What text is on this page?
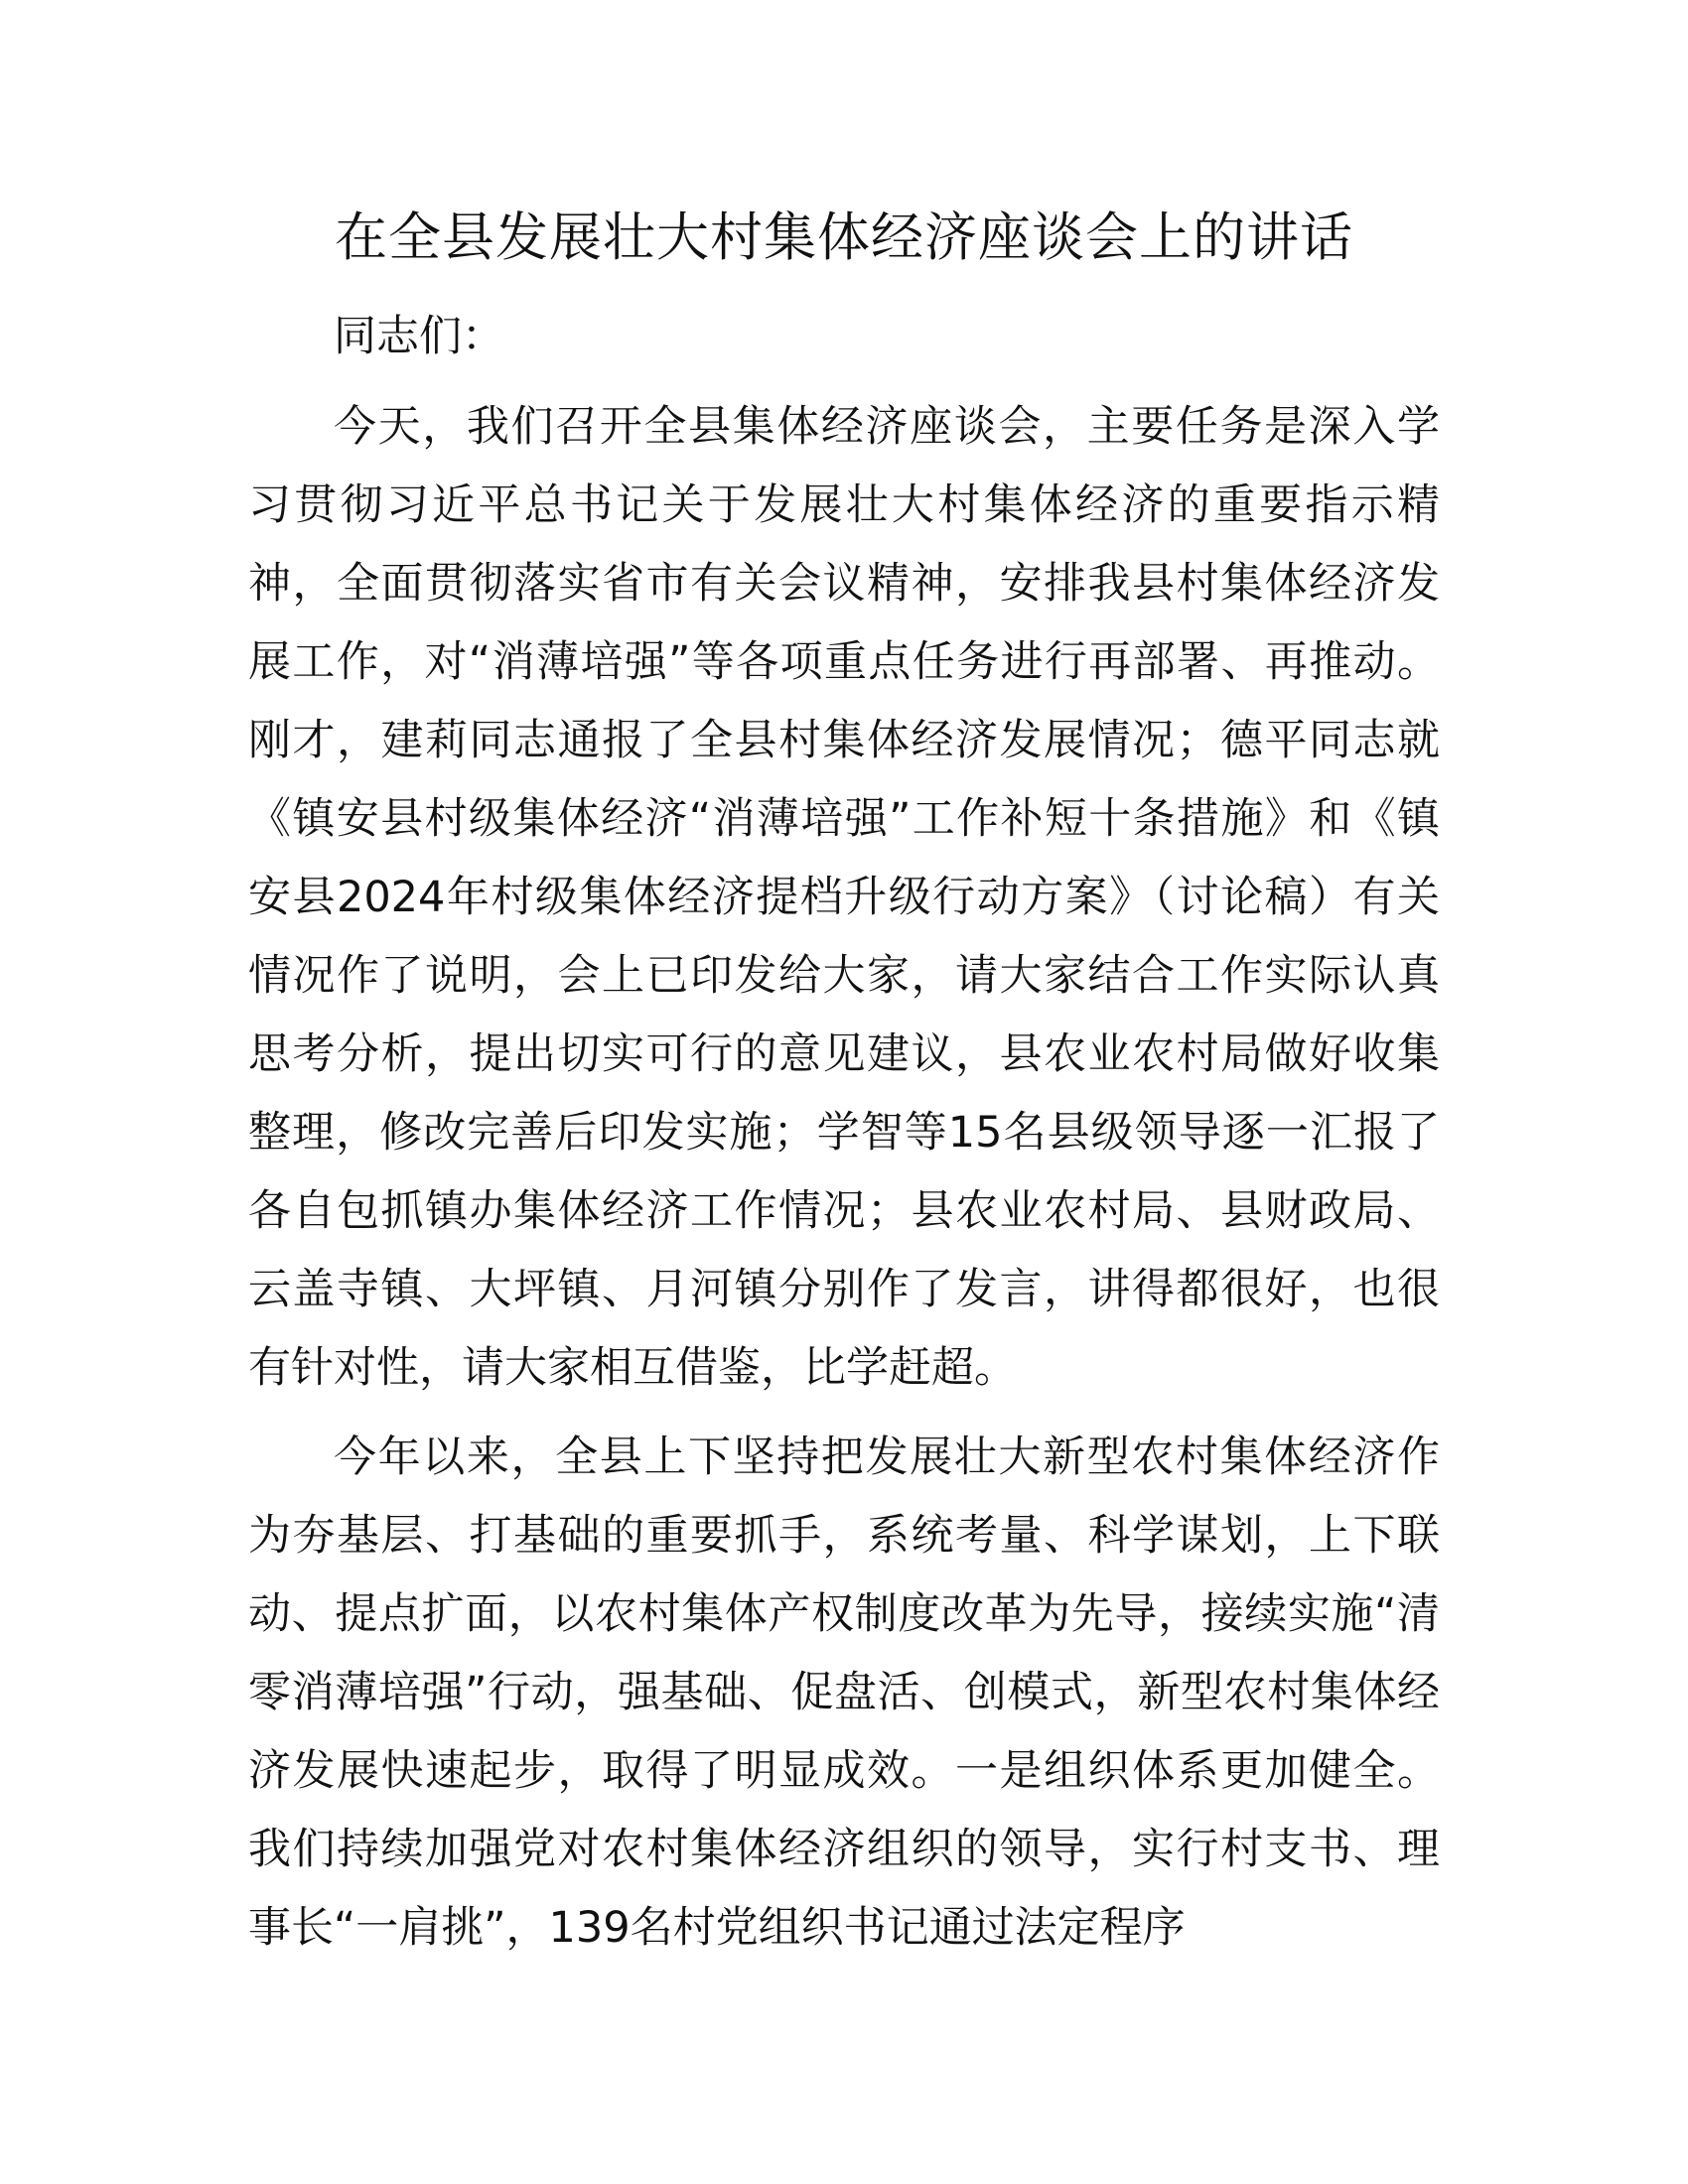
在全县发展壮大村集体经济座谈会上的讲话

同志们：

今天，我们召开全县集体经济座谈会，主要任务是深入学习贯彻习近平总书记关于发展壮大村集体经济的重要指示精神，全面贯彻落实省市有关会议精神，安排我县村集体经济发展工作，对“消薄培强”等各项重点任务进行再部署、再推动。刚才，建莉同志通报了全县村集体经济发展情况；德平同志就《镇安县村级集体经济“消薄培强”工作补短十条措施》和《镇安县2024年村级集体经济提档升级行动方案》（讨论稿）有关情况作了说明，会上已印发给大家，请大家结合工作实际认真思考分析，提出切实可行的意见建议，县农业农村局做好收集整理，修改完善后印发实施；学智等15名县级领导逐一汇报了各自包抓镇办集体经济工作情况；县农业农村局、县财政局、云盖寺镇、大坪镇、月河镇分别作了发言，讲得都很好，也很有针对性，请大家相互借鉴，比学赶超。

今年以来，全县上下坚持把发展壮大新型农村集体经济作为夯基层、打基础的重要抓手，系统考量、科学谋划，上下联动、提点扩面，以农村集体产权制度改革为先导，接续实施“清零消薄培强”行动，强基础、促盘活、创模式，新型农村集体经济发展快速起步，取得了明显成效。一是组织体系更加健全。我们持续加强党对农村集体经济组织的领导，实行村支书、理事长“一肩挑”，139名村党组织书记通过法定程序
